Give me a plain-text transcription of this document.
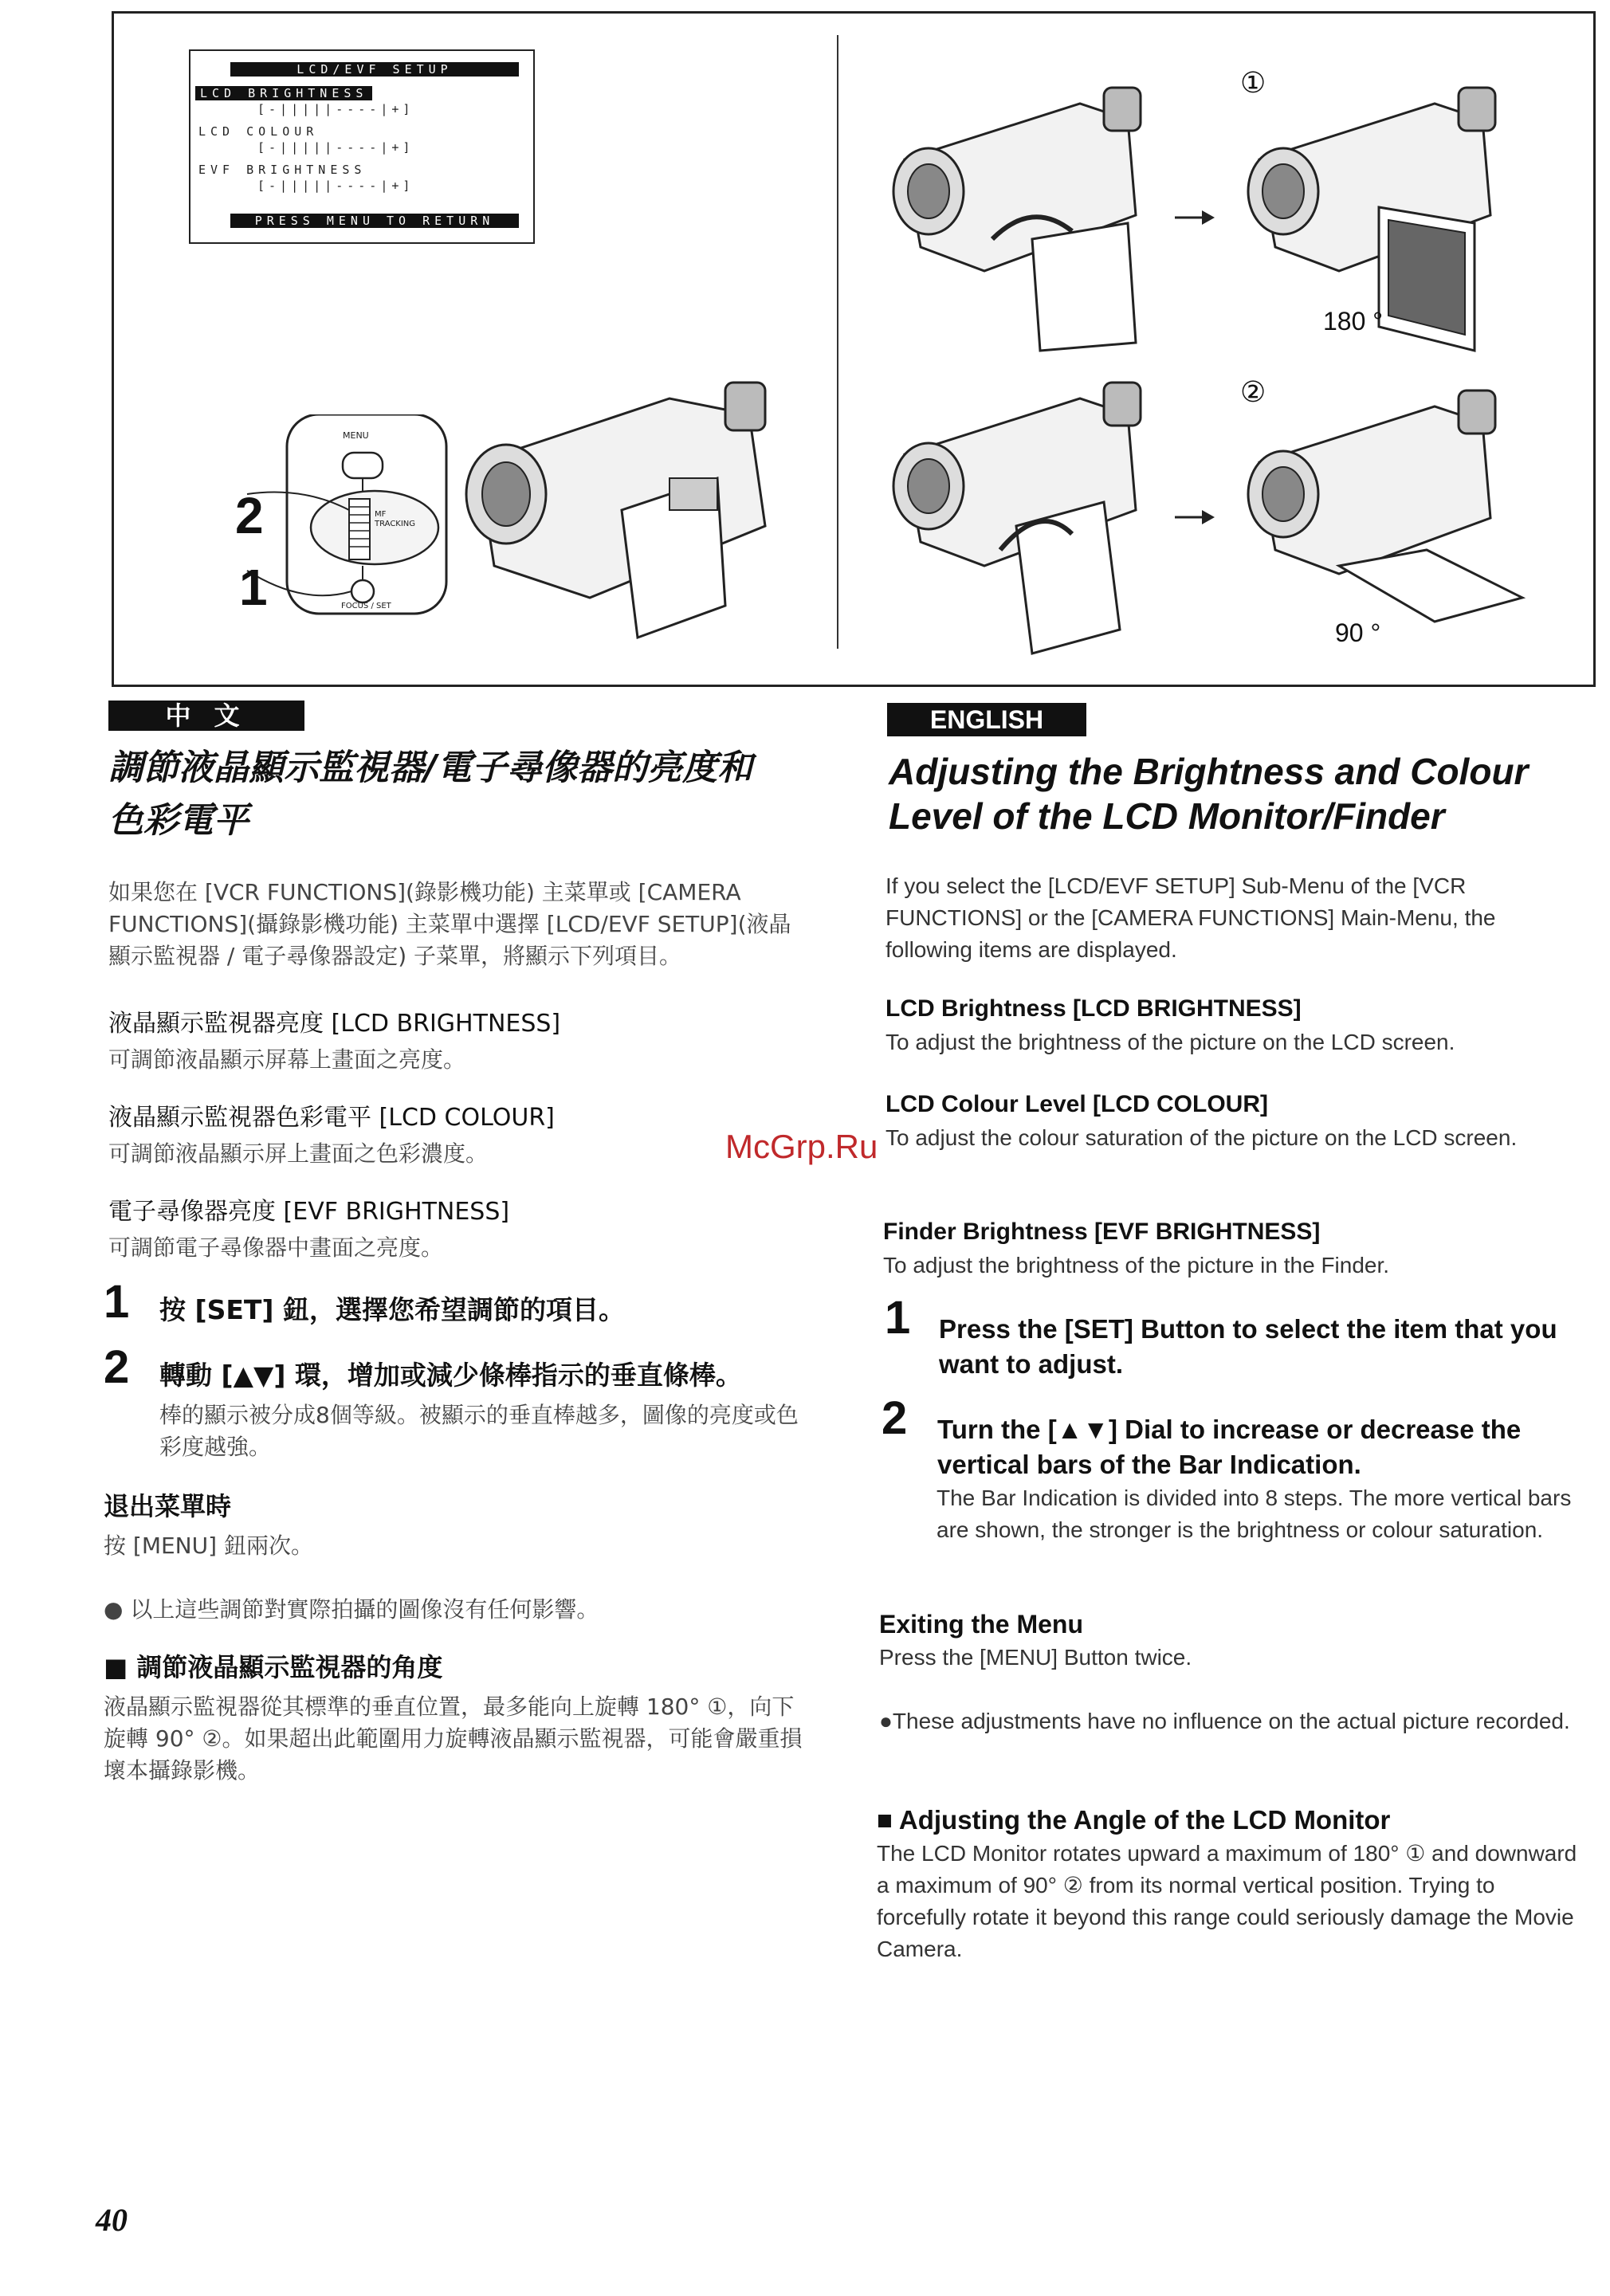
LCD/EVF SETUP
LCD BRIGHTNESS
[-|||||----|+]
LCD COLOUR
[-|||||----|+]
EVF BRIGHTNESS
[-|||||----|+]
PRESS MENU TO RETURN
MENU
MF TRACKING
FOCUS / SET
2
1
①
②
180 °
90 °
中 文
調節液晶顯示監視器/電子尋像器的亮度和
色彩電平
如果您在 [VCR FUNCTIONS](錄影機功能) 主菜單或 [CAMERA FUNCTIONS](攝錄影機功能) 主菜單中選擇 [LCD/EVF SETUP](液晶顯示監視器 / 電子尋像器設定) 子菜單，將顯示下列項目。
液晶顯示監視器亮度 [LCD BRIGHTNESS]
可調節液晶顯示屏幕上畫面之亮度。
液晶顯示監視器色彩電平 [LCD COLOUR]
可調節液晶顯示屏上畫面之色彩濃度。
電子尋像器亮度 [EVF BRIGHTNESS]
可調節電子尋像器中畫面之亮度。
1 按 [SET] 鈕，選擇您希望調節的項目。
2 轉動 [▲▼] 環，增加或減少條棒指示的垂直條棒。
棒的顯示被分成8個等級。被顯示的垂直棒越多，圖像的亮度或色彩度越強。
退出菜單時
按 [MENU] 鈕兩次。
● 以上這些調節對實際拍攝的圖像沒有任何影響。
■ 調節液晶顯示監視器的角度
液晶顯示監視器從其標準的垂直位置，最多能向上旋轉 180° ①，向下旋轉 90° ②。如果超出此範圍用力旋轉液晶顯示監視器，可能會嚴重損壞本攝錄影機。
ENGLISH
Adjusting the Brightness and Colour
Level of the LCD Monitor/Finder
If you select the [LCD/EVF SETUP] Sub-Menu of the [VCR FUNCTIONS] or the [CAMERA FUNCTIONS] Main-Menu, the following items are displayed.
LCD Brightness [LCD BRIGHTNESS]
To adjust the brightness of the picture on the LCD screen.
LCD Colour Level [LCD COLOUR]
To adjust the colour saturation of the picture on the LCD screen.
Finder Brightness [EVF BRIGHTNESS]
To adjust the brightness of the picture in the Finder.
1 Press the [SET] Button to select the item that you want to adjust.
2 Turn the [▲▼] Dial to increase or decrease the vertical bars of the Bar Indication.
The Bar Indication is divided into 8 steps. The more vertical bars are shown, the stronger is the brightness or colour saturation.
Exiting the Menu
Press the [MENU] Button twice.
●These adjustments have no influence on the actual picture recorded.
■ Adjusting the Angle of the LCD Monitor
The LCD Monitor rotates upward a maximum of 180° ① and downward a maximum of 90° ② from its normal vertical position. Trying to forcefully rotate it beyond this range could seriously damage the Movie Camera.
McGrp.Ru
40
